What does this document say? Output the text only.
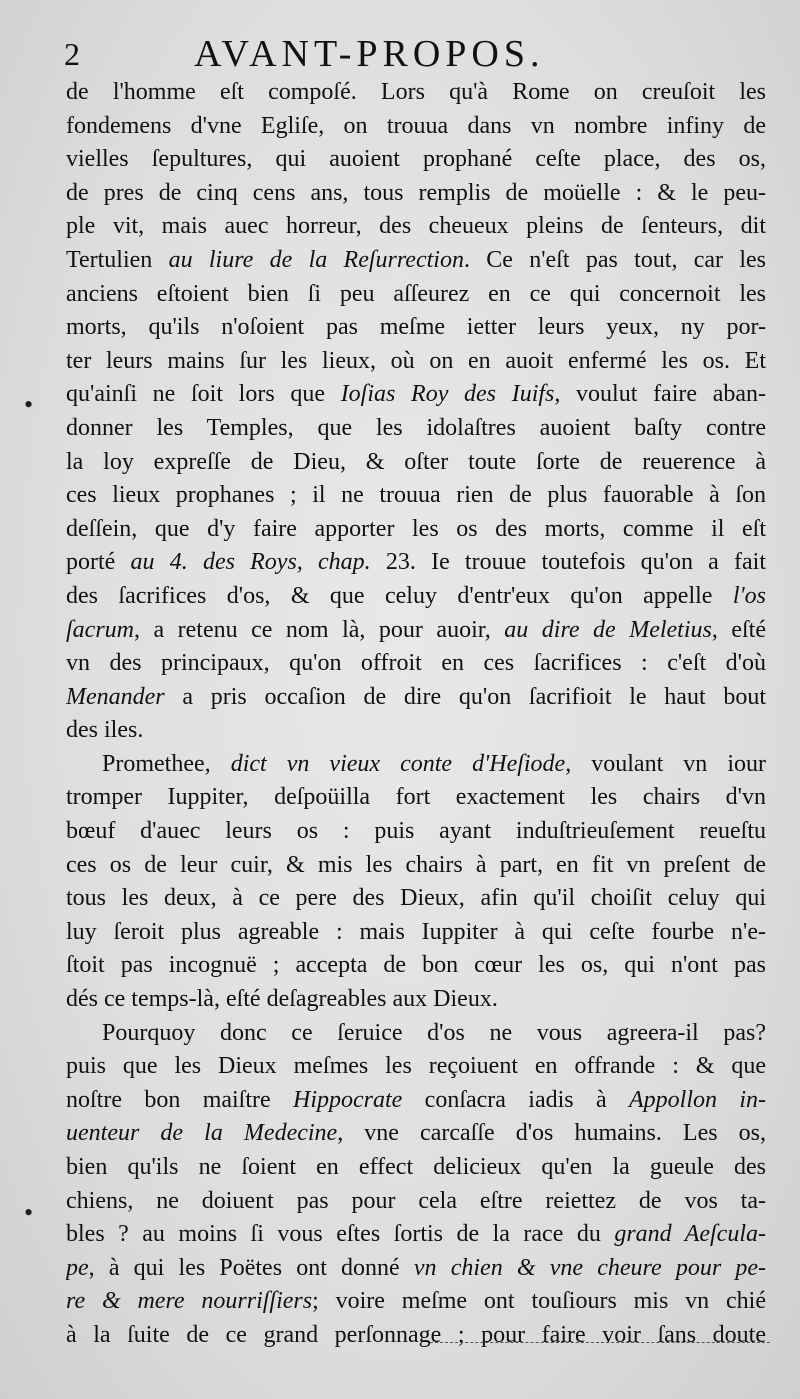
2	AVANT-PROPOS.
•
•
de l'homme eſt compoſé. Lors qu'à Rome on creuſoit les
fondemens d'vne Egliſe, on trouua dans vn nombre infiny de
vielles ſepultures, qui auoient prophané ceſte place, des os,
de pres de cinq cens ans, tous remplis de moüelle : & le peu-
ple vit, mais auec horreur, des cheueux pleins de ſenteurs, dit
Tertulien au liure de la Reſurrection. Ce n'eſt pas tout, car les
anciens eſtoient bien ſi peu aſſeurez en ce qui concernoit les
morts, qu'ils n'oſoient pas meſme ietter leurs yeux, ny por-
ter leurs mains ſur les lieux, où on en auoit enfermé les os. Et
qu'ainſi ne ſoit lors que Ioſias Roy des Iuifs, voulut faire aban-
donner les Temples, que les idolaſtres auoient baſty contre
la loy expreſſe de Dieu, & oſter toute ſorte de reuerence à
ces lieux prophanes ; il ne trouua rien de plus fauorable à ſon
deſſein, que d'y faire apporter les os des morts, comme il eſt
porté au 4. des Roys, chap. 23. Ie trouue toutefois qu'on a fait
des ſacrifices d'os, & que celuy d'entr'eux qu'on appelle l'os
ſacrum, a retenu ce nom là, pour auoir, au dire de Meletius, eſté
vn des principaux, qu'on offroit en ces ſacrifices : c'eſt d'où
Menander a pris occaſion de dire qu'on ſacrifioit le haut bout
des iles.
Promethee, dict vn vieux conte d'Heſiode, voulant vn iour
tromper Iuppiter, deſpoüilla fort exactement les chairs d'vn
bœuf d'auec leurs os : puis ayant induſtrieuſement reueſtu
ces os de leur cuir, & mis les chairs à part, en fit vn preſent de
tous les deux, à ce pere des Dieux, afin qu'il choiſit celuy qui
luy ſeroit plus agreable : mais Iuppiter à qui ceſte fourbe n'e-
ſtoit pas incognuë ; accepta de bon cœur les os, qui n'ont pas
dés ce temps-là, eſté deſagreables aux Dieux.
Pourquoy donc ce ſeruice d'os ne vous agreera-il pas?
puis que les Dieux meſmes les reçoiuent en offrande : & que
noſtre bon maiſtre Hippocrate conſacra iadis à Appollon in-
uenteur de la Medecine, vne carcaſſe d'os humains. Les os,
bien qu'ils ne ſoient en effect delicieux qu'en la gueule des
chiens, ne doiuent pas pour cela eſtre reiettez de vos ta-
bles ? au moins ſi vous eſtes ſortis de la race du grand Aeſcula-
pe, à qui les Poëtes ont donné vn chien & vne cheure pour pe-
re & mere nourriſſiers; voire meſme ont touſiours mis vn chié
à la ſuite de ce grand perſonnage ; pour faire voir ſans doute
